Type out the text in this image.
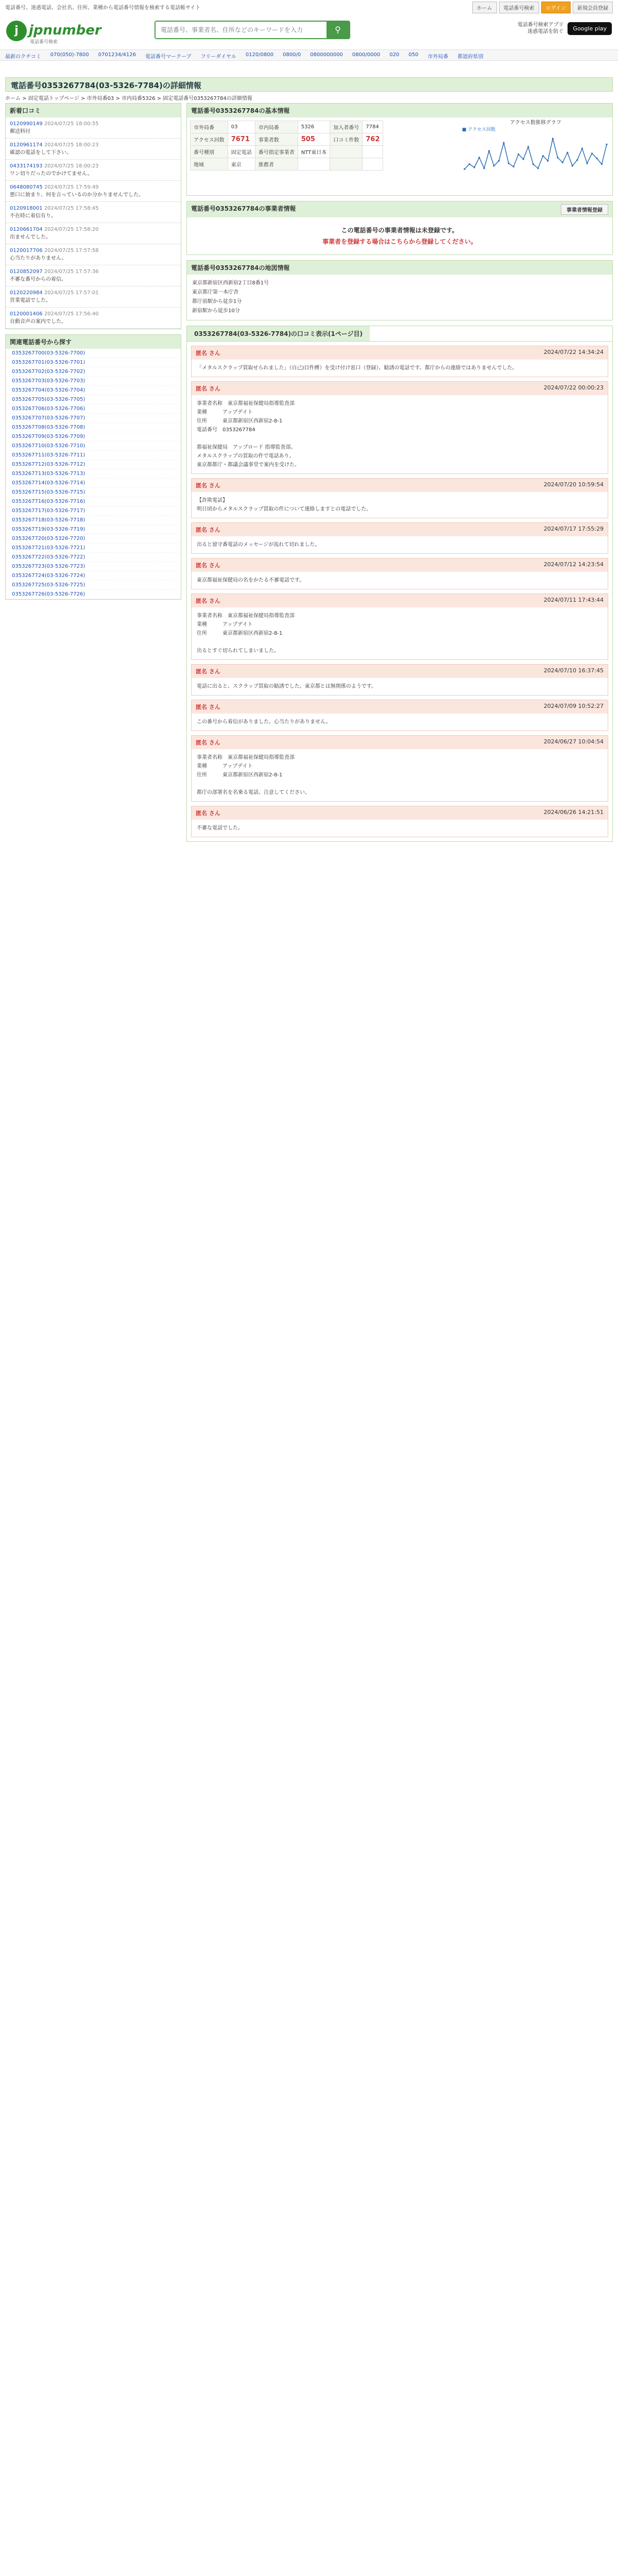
電話番号、迷惑電話、会社名、住所、業種から電話番号情報を検索する電話帳サイト	ホーム	電話番号検索	ログイン	新規会員登録
j jpnumber
電話番号検索
電話番号、事業者名、住所などのキーワードを入力
⚲	電話番号検索アプリ
迷惑電話を防ぐ	Google play
最新のクチコミ 070(050)-7800 0701234/4126 電話番号マークーブ フリーダイヤル 0120/0800 0800/0 0800000000 0800/0000 020 050 市外局番 都道府県別
電話番号0353267784(03-5326-7784)の詳細情報
ホーム > 固定電話トップページ > 市外局番03 > 市内局番5326 > 固定電話番号0353267784の詳細情報
新着口コミ
0120990149 2024/07/25 18:00:55
郵送料付
0120961174 2024/07/25 18:00:23
確認の電話をして下さい。
0433174193 2024/07/25 18:00:23
ワン切りだったのでかけてません。
0648080745 2024/07/25 17:59:49
悪口に始まり、何を言っているのか分かりませんでした。
0120918001 2024/07/25 17:58:45
不在時に着信有り。
0120661704 2024/07/25 17:58:20
出ませんでした。
0120017706 2024/07/25 17:57:58
心当たりがありません。
0120852097 2024/07/25 17:57:36
不審な番号からの着信。
0120220984 2024/07/25 17:57:01
営業電話でした。
0120001406 2024/07/25 17:56:40
自動音声の案内でした。
関連電話番号から探す
0353267700(03-5326-7700)
0353267701(03-5326-7701)
0353267702(03-5326-7702)
0353267703(03-5326-7703)
0353267704(03-5326-7704)
0353267705(03-5326-7705)
0353267706(03-5326-7706)
0353267707(03-5326-7707)
0353267708(03-5326-7708)
0353267709(03-5326-7709)
0353267710(03-5326-7710)
0353267711(03-5326-7711)
0353267712(03-5326-7712)
0353267713(03-5326-7713)
0353267714(03-5326-7714)
0353267715(03-5326-7715)
0353267716(03-5326-7716)
0353267717(03-5326-7717)
0353267718(03-5326-7718)
0353267719(03-5326-7719)
0353267720(03-5326-7720)
0353267721(03-5326-7721)
0353267722(03-5326-7722)
0353267723(03-5326-7723)
0353267724(03-5326-7724)
0353267725(03-5326-7725)
0353267726(03-5326-7726)
電話番号0353267784の基本情報
市外局番	03	市内局番	5326	加入者番号	7784
アクセス回数	7671	事業者数	505	口コミ件数	762
番号種別	固定電話	番号指定事業者	NTT東日本		
地域	東京	推薦者			
アクセス数推移グラフ
■ アクセス回数
電話番号0353267784の事業者情報	事業者情報登録
この電話番号の事業者情報は未登録です。
事業者を登録する場合はこちらから登録してください。
電話番号0353267784の地図情報
東京都新宿区西新宿2丁目8番1号
東京都庁第一本庁舎
都庁前駅から徒歩1分
新宿駅から徒歩10分
0353267784(03-5326-7784)の口コミ表示(1ページ目)
匿名 さん	2024/07/22 14:34:24
「メタルスクラップ買取せられました」（自己)目件縛）を受け付け窓口（登録）、勧誘の電話です。都庁からの連絡ではありませんでした。
匿名 さん	2024/07/22 00:00:23
事業者名称　東京都福祉保健局指導監査部
業種　　　アップデイト
住所　　　東京都新宿区西新宿2-8-1
電話番号　0353267784

都福祉保健局　アップロード 指導監査部。
メタルスクラップの買取の件で電話あり。
東京都都庁・都議会議事堂で案内を受けた。
匿名 さん	2024/07/20 10:59:54
【詐欺電話】
明日頃からメタルスクラップ買取の件について連絡しますとの電話でした。
匿名 さん	2024/07/17 17:55:29
出ると留守番電話のメッセージが流れて切れました。
匿名 さん	2024/07/12 14:23:54
東京都福祉保健局の名をかたる不審電話です。
匿名 さん	2024/07/11 17:43:44
事業者名称　東京都福祉保健局指導監査部
業種　　　アップデイト
住所　　　東京都新宿区西新宿2-8-1

出るとすぐ切られてしまいました。
匿名 さん	2024/07/10 16:37:45
電話に出ると、スクラップ買取の勧誘でした。東京都とは無関係のようです。
匿名 さん	2024/07/09 10:52:27
この番号から着信がありました。心当たりがありません。
匿名 さん	2024/06/27 10:04:54
事業者名称　東京都福祉保健局指導監査部
業種　　　アップデイト
住所　　　東京都新宿区西新宿2-8-1

都庁の部署名を名乗る電話。注意してください。
匿名 さん	2024/06/26 14:21:51
不審な電話でした。
